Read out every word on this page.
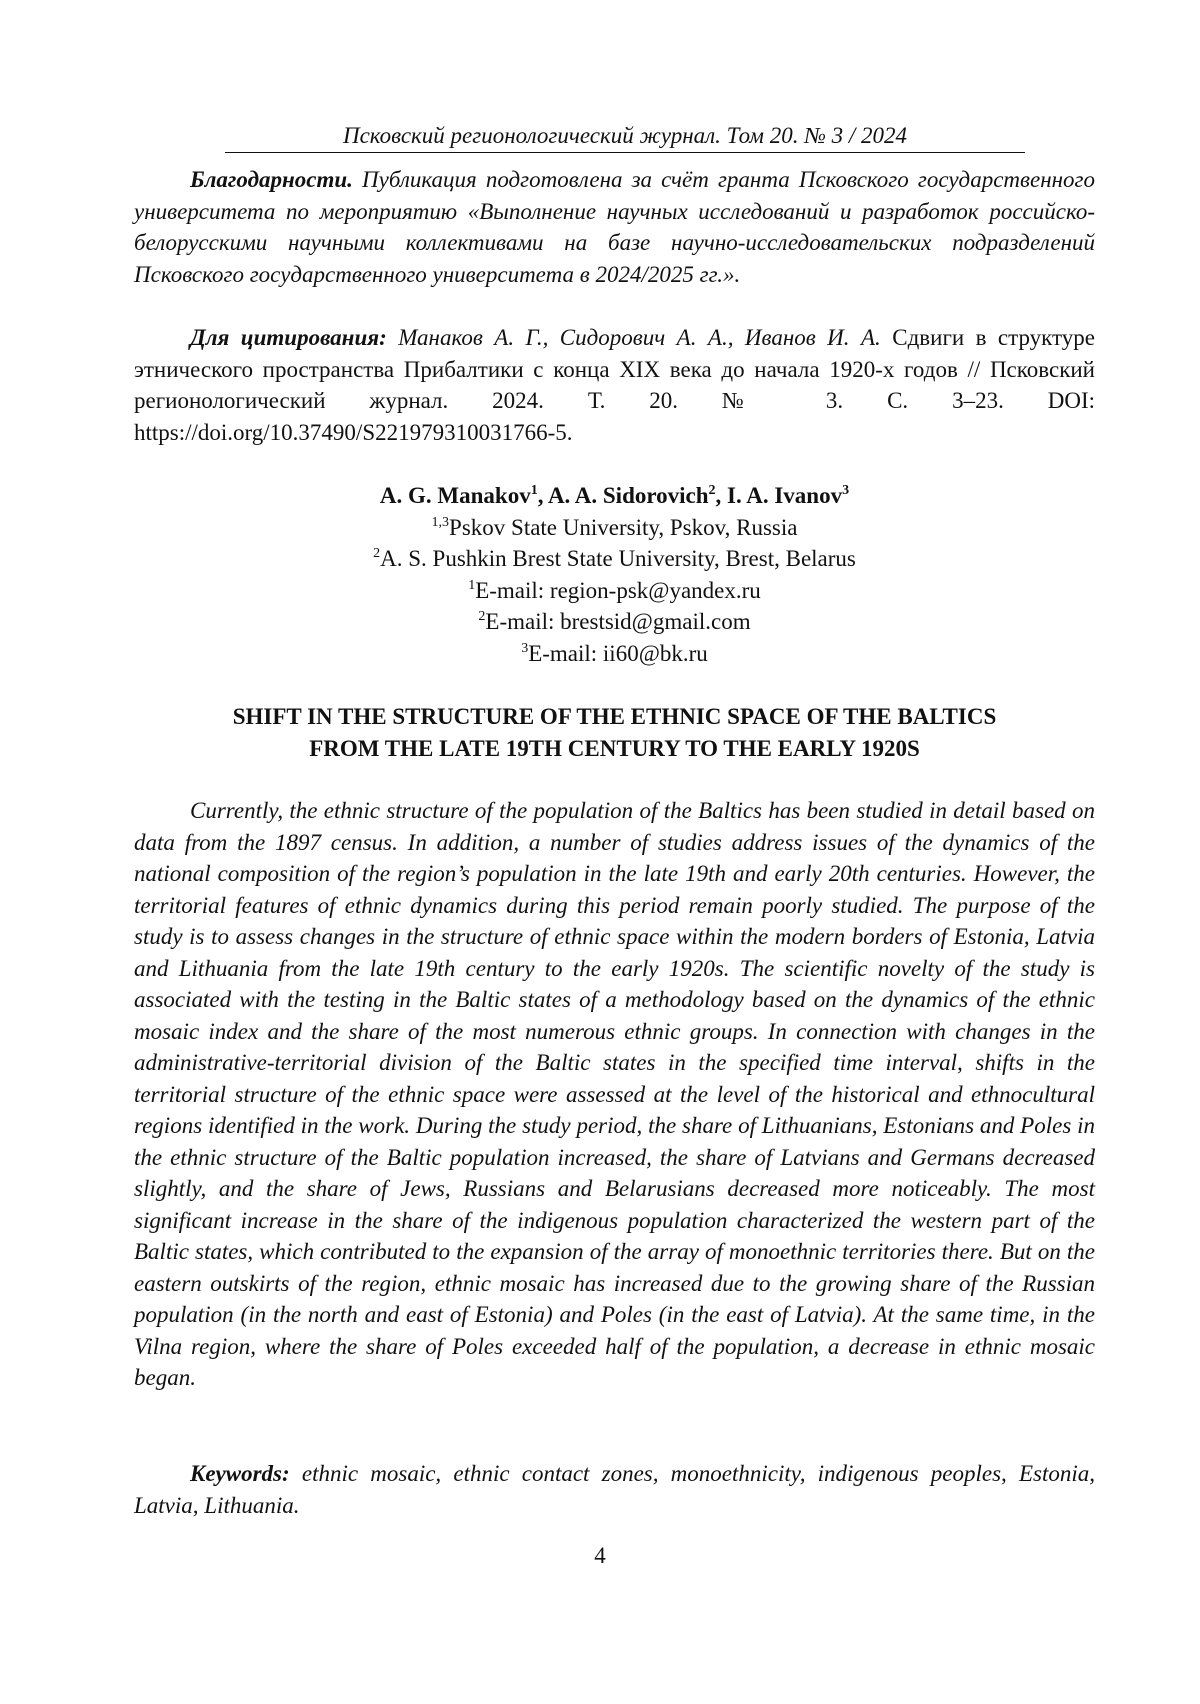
Псковский регионологический журнал. Том 20. № 3 / 2024

Благодарности. Публикация подготовлена за счёт гранта Псковского государственного университета по мероприятию «Выполнение научных исследований и разработок российско-белорусскими научными коллективами на базе научно-исследовательских подразделений Псковского государственного университета в 2024/2025 гг.».

Для цитирования: Манаков А. Г., Сидорович А. А., Иванов И. А. Сдвиги в структуре этнического пространства Прибалтики с конца XIX века до начала 1920-х годов // Псковский регионологический журнал. 2024. Т. 20. № 3. С. 3–23. DOI: https://doi.org/10.37490/S221979310031766-5.

A. G. Manakov1, A. A. Sidorovich2, I. A. Ivanov3
1,3Pskov State University, Pskov, Russia
2A. S. Pushkin Brest State University, Brest, Belarus
1E-mail: region-psk@yandex.ru
2E-mail: brestsid@gmail.com
3E-mail: ii60@bk.ru
SHIFT IN THE STRUCTURE OF THE ETHNIC SPACE OF THE BALTICS
FROM THE LATE 19TH CENTURY TO THE EARLY 1920S

Currently, the ethnic structure of the population of the Baltics has been studied in detail based on data from the 1897 census. In addition, a number of studies address issues of the dynamics of the national composition of the region’s population in the late 19th and early 20th centuries. However, the territorial features of ethnic dynamics during this period remain poorly studied. The purpose of the study is to assess changes in the structure of ethnic space within the modern borders of Estonia, Latvia and Lithuania from the late 19th century to the early 1920s. The scientific novelty of the study is associated with the testing in the Baltic states of a methodology based on the dynamics of the ethnic mosaic index and the share of the most numerous ethnic groups. In connection with changes in the administrative-territorial division of the Baltic states in the specified time interval, shifts in the territorial structure of the ethnic space were assessed at the level of the historical and ethnocultural regions identified in the work. During the study period, the share of Lithuanians, Estonians and Poles in the ethnic structure of the Baltic population increased, the share of Latvians and Germans decreased slightly, and the share of Jews, Russians and Belarusians decreased more noticeably. The most significant increase in the share of the indigenous population characterized the western part of the Baltic states, which contributed to the expansion of the array of monoethnic territories there. But on the eastern outskirts of the region, ethnic mosaic has increased due to the growing share of the Russian population (in the north and east of Estonia) and Poles (in the east of Latvia). At the same time, in the Vilna region, where the share of Poles exceeded half of the population, a decrease in ethnic mosaic began.

Keywords: ethnic mosaic, ethnic contact zones, monoethnicity, indigenous peoples, Estonia, Latvia, Lithuania.

4
